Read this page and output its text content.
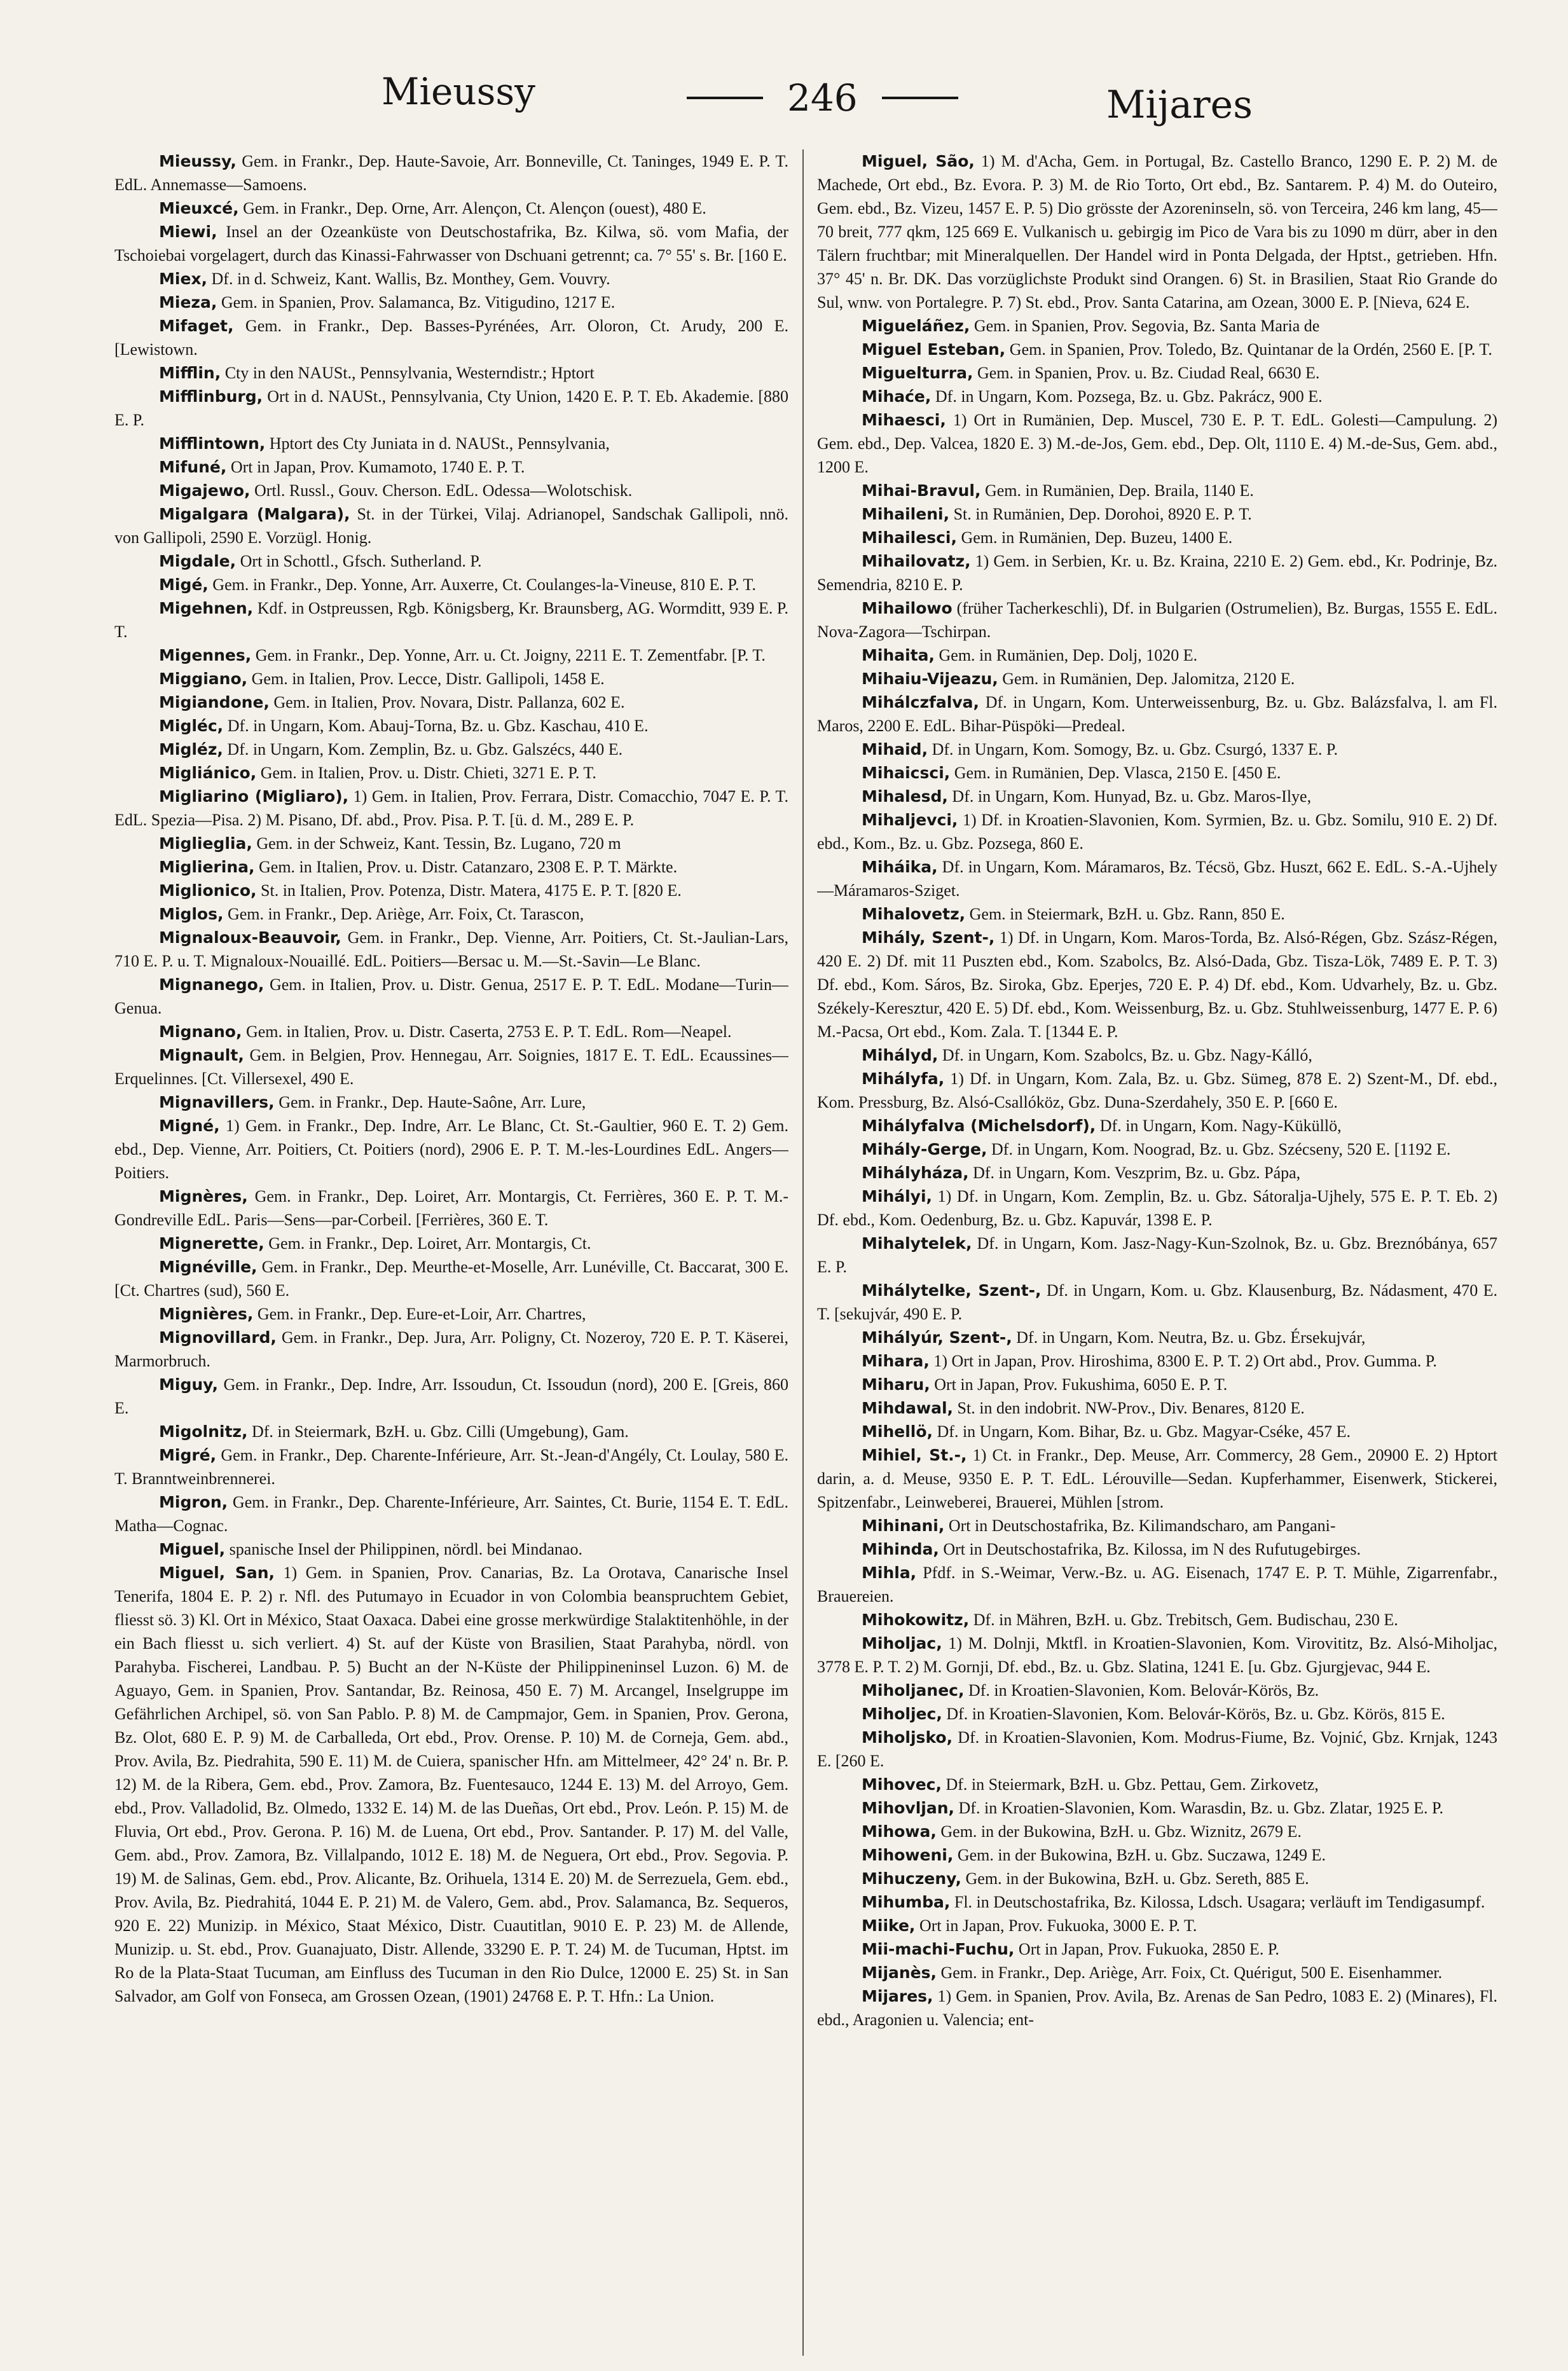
Mieussy	246	Mijares

Mieussy, Gem. in Frankr., Dep. Haute-Savoie, Arr. Bonneville, Ct. Taninges, 1949 E. P. T. EdL. Annemasse—Samoens.

Mieuxcé, Gem. in Frankr., Dep. Orne, Arr. Alençon, Ct. Alençon (ouest), 480 E.

Miewi, Insel an der Ozeanküste von Deutschostafrika, Bz. Kilwa, sö. vom Mafia, der Tschoiebai vorgelagert, durch das Kinassi-Fahrwasser von Dschuani getrennt; ca. 7° 55' s. Br. [160 E.

Miex, Df. in d. Schweiz, Kant. Wallis, Bz. Monthey, Gem. Vouvry.

Mieza, Gem. in Spanien, Prov. Salamanca, Bz. Vitigudino, 1217 E.

Mifaget, Gem. in Frankr., Dep. Basses-Pyrénées, Arr. Oloron, Ct. Arudy, 200 E. [Lewistown.

Mifflin, Cty in den NAUSt., Pennsylvania, Westerndistr.; Hptort

Mifflinburg, Ort in d. NAUSt., Pennsylvania, Cty Union, 1420 E. P. T. Eb. Akademie. [880 E. P.

Mifflintown, Hptort des Cty Juniata in d. NAUSt., Pennsylvania,

Mifuné, Ort in Japan, Prov. Kumamoto, 1740 E. P. T.

Migajewo, Ortl. Russl., Gouv. Cherson. EdL. Odessa—Wolotschisk.

Migalgara (Malgara), St. in der Türkei, Vilaj. Adrianopel, Sandschak Gallipoli, nnö. von Gallipoli, 2590 E. Vorzügl. Honig.

Migdale, Ort in Schottl., Gfsch. Sutherland. P.

Migé, Gem. in Frankr., Dep. Yonne, Arr. Auxerre, Ct. Coulanges-la-Vineuse, 810 E. P. T.

Migehnen, Kdf. in Ostpreussen, Rgb. Königsberg, Kr. Braunsberg, AG. Wormditt, 939 E. P. T.

Migennes, Gem. in Frankr., Dep. Yonne, Arr. u. Ct. Joigny, 2211 E. T. Zementfabr. [P. T.

Miggiano, Gem. in Italien, Prov. Lecce, Distr. Gallipoli, 1458 E.

Migiandone, Gem. in Italien, Prov. Novara, Distr. Pallanza, 602 E.

Migléc, Df. in Ungarn, Kom. Abauj-Torna, Bz. u. Gbz. Kaschau, 410 E.

Migléz, Df. in Ungarn, Kom. Zemplin, Bz. u. Gbz. Galszécs, 440 E.

Migliánico, Gem. in Italien, Prov. u. Distr. Chieti, 3271 E. P. T.

Migliarino (Migliaro), 1) Gem. in Italien, Prov. Ferrara, Distr. Comacchio, 7047 E. P. T. EdL. Spezia—Pisa. 2) M. Pisano, Df. abd., Prov. Pisa. P. T. [ü. d. M., 289 E. P.

Miglieglia, Gem. in der Schweiz, Kant. Tessin, Bz. Lugano, 720 m

Miglierina, Gem. in Italien, Prov. u. Distr. Catanzaro, 2308 E. P. T. Märkte.

Miglionico, St. in Italien, Prov. Potenza, Distr. Matera, 4175 E. P. T. [820 E.

Miglos, Gem. in Frankr., Dep. Ariège, Arr. Foix, Ct. Tarascon,

Mignaloux-Beauvoir, Gem. in Frankr., Dep. Vienne, Arr. Poitiers, Ct. St.-Jaulian-Lars, 710 E. P. u. T. Mignaloux-Nouaillé. EdL. Poitiers—Bersac u. M.—St.-Savin—Le Blanc.

Mignanego, Gem. in Italien, Prov. u. Distr. Genua, 2517 E. P. T. EdL. Modane—Turin—Genua.

Mignano, Gem. in Italien, Prov. u. Distr. Caserta, 2753 E. P. T. EdL. Rom—Neapel.

Mignault, Gem. in Belgien, Prov. Hennegau, Arr. Soignies, 1817 E. T. EdL. Ecaussines—Erquelinnes. [Ct. Villersexel, 490 E.

Mignavillers, Gem. in Frankr., Dep. Haute-Saône, Arr. Lure,

Migné, 1) Gem. in Frankr., Dep. Indre, Arr. Le Blanc, Ct. St.-Gaultier, 960 E. T. 2) Gem. ebd., Dep. Vienne, Arr. Poitiers, Ct. Poitiers (nord), 2906 E. P. T. M.-les-Lourdines EdL. Angers—Poitiers.

Mignères, Gem. in Frankr., Dep. Loiret, Arr. Montargis, Ct. Ferrières, 360 E. P. T. M.-Gondreville EdL. Paris—Sens—par-Corbeil. [Ferrières, 360 E. T.

Mignerette, Gem. in Frankr., Dep. Loiret, Arr. Montargis, Ct.

Mignéville, Gem. in Frankr., Dep. Meurthe-et-Moselle, Arr. Lunéville, Ct. Baccarat, 300 E. [Ct. Chartres (sud), 560 E.

Mignières, Gem. in Frankr., Dep. Eure-et-Loir, Arr. Chartres,

Mignovillard, Gem. in Frankr., Dep. Jura, Arr. Poligny, Ct. Nozeroy, 720 E. P. T. Käserei, Marmorbruch.

Miguy, Gem. in Frankr., Dep. Indre, Arr. Issoudun, Ct. Issoudun (nord), 200 E. [Greis, 860 E.

Migolnitz, Df. in Steiermark, BzH. u. Gbz. Cilli (Umgebung), Gam.

Migré, Gem. in Frankr., Dep. Charente-Inférieure, Arr. St.-Jean-d'Angély, Ct. Loulay, 580 E. T. Branntweinbrennerei.

Migron, Gem. in Frankr., Dep. Charente-Inférieure, Arr. Saintes, Ct. Burie, 1154 E. T. EdL. Matha—Cognac.

Miguel, spanische Insel der Philippinen, nördl. bei Mindanao.

Miguel, San, 1) Gem. in Spanien, Prov. Canarias, Bz. La Orotava, Canarische Insel Tenerifa, 1804 E. P. 2) r. Nfl. des Putumayo in Ecuador in von Colombia beanspruchtem Gebiet, fliesst sö. 3) Kl. Ort in México, Staat Oaxaca. Dabei eine grosse merkwürdige Stalaktitenhöhle, in der ein Bach fliesst u. sich verliert. 4) St. auf der Küste von Brasilien, Staat Parahyba, nördl. von Parahyba. Fischerei, Landbau. P. 5) Bucht an der N-Küste der Philippineninsel Luzon. 6) M. de Aguayo, Gem. in Spanien, Prov. Santandar, Bz. Reinosa, 450 E. 7) M. Arcangel, Inselgruppe im Gefährlichen Archipel, sö. von San Pablo. P. 8) M. de Campmajor, Gem. in Spanien, Prov. Gerona, Bz. Olot, 680 E. P. 9) M. de Carballeda, Ort ebd., Prov. Orense. P. 10) M. de Corneja, Gem. abd., Prov. Avila, Bz. Piedrahita, 590 E. 11) M. de Cuiera, spanischer Hfn. am Mittelmeer, 42° 24' n. Br. P. 12) M. de la Ribera, Gem. ebd., Prov. Zamora, Bz. Fuentesauco, 1244 E. 13) M. del Arroyo, Gem. ebd., Prov. Valladolid, Bz. Olmedo, 1332 E. 14) M. de las Dueñas, Ort ebd., Prov. León. P. 15) M. de Fluvia, Ort ebd., Prov. Gerona. P. 16) M. de Luena, Ort ebd., Prov. Santander. P. 17) M. del Valle, Gem. abd., Prov. Zamora, Bz. Villalpando, 1012 E. 18) M. de Neguera, Ort ebd., Prov. Segovia. P. 19) M. de Salinas, Gem. ebd., Prov. Alicante, Bz. Orihuela, 1314 E. 20) M. de Serrezuela, Gem. ebd., Prov. Avila, Bz. Piedrahitá, 1044 E. P. 21) M. de Valero, Gem. abd., Prov. Salamanca, Bz. Sequeros, 920 E. 22) Munizip. in México, Staat México, Distr. Cuautitlan, 9010 E. P. 23) M. de Allende, Munizip. u. St. ebd., Prov. Guanajuato, Distr. Allende, 33290 E. P. T. 24) M. de Tucuman, Hptst. im Ro de la Plata-Staat Tucuman, am Einfluss des Tucuman in den Rio Dulce, 12000 E. 25) St. in San Salvador, am Golf von Fonseca, am Grossen Ozean, (1901) 24768 E. P. T. Hfn.: La Union.

Miguel, São, 1) M. d'Acha, Gem. in Portugal, Bz. Castello Branco, 1290 E. P. 2) M. de Machede, Ort ebd., Bz. Evora. P. 3) M. de Rio Torto, Ort ebd., Bz. Santarem. P. 4) M. do Outeiro, Gem. ebd., Bz. Vizeu, 1457 E. P. 5) Dio grösste der Azoreninseln, sö. von Terceira, 246 km lang, 45—70 breit, 777 qkm, 125 669 E. Vulkanisch u. gebirgig im Pico de Vara bis zu 1090 m dürr, aber in den Tälern fruchtbar; mit Mineralquellen. Der Handel wird in Ponta Delgada, der Hptst., getrieben. Hfn. 37° 45' n. Br. DK. Das vorzüglichste Produkt sind Orangen. 6) St. in Brasilien, Staat Rio Grande do Sul, wnw. von Portalegre. P. 7) St. ebd., Prov. Santa Catarina, am Ozean, 3000 E. P. [Nieva, 624 E.

Migueláñez, Gem. in Spanien, Prov. Segovia, Bz. Santa Maria de

Miguel Esteban, Gem. in Spanien, Prov. Toledo, Bz. Quintanar de la Ordén, 2560 E. [P. T.

Miguelturra, Gem. in Spanien, Prov. u. Bz. Ciudad Real, 6630 E.

Mihaće, Df. in Ungarn, Kom. Pozsega, Bz. u. Gbz. Pakrácz, 900 E.

Mihaesci, 1) Ort in Rumänien, Dep. Muscel, 730 E. P. T. EdL. Golesti—Campulung. 2) Gem. ebd., Dep. Valcea, 1820 E. 3) M.-de-Jos, Gem. ebd., Dep. Olt, 1110 E. 4) M.-de-Sus, Gem. abd., 1200 E.

Mihai-Bravul, Gem. in Rumänien, Dep. Braila, 1140 E.

Mihaileni, St. in Rumänien, Dep. Dorohoi, 8920 E. P. T.

Mihailesci, Gem. in Rumänien, Dep. Buzeu, 1400 E.

Mihailovatz, 1) Gem. in Serbien, Kr. u. Bz. Kraina, 2210 E. 2) Gem. ebd., Kr. Podrinje, Bz. Semendria, 8210 E. P.

Mihailowo (früher Tacherkeschli), Df. in Bulgarien (Ostrumelien), Bz. Burgas, 1555 E. EdL. Nova-Zagora—Tschirpan.

Mihaita, Gem. in Rumänien, Dep. Dolj, 1020 E.

Mihaiu-Vijeazu, Gem. in Rumänien, Dep. Jalomitza, 2120 E.

Mihálczfalva, Df. in Ungarn, Kom. Unterweissenburg, Bz. u. Gbz. Balázsfalva, l. am Fl. Maros, 2200 E. EdL. Bihar-Püspöki—Predeal.

Mihaid, Df. in Ungarn, Kom. Somogy, Bz. u. Gbz. Csurgó, 1337 E. P.

Mihaicsci, Gem. in Rumänien, Dep. Vlasca, 2150 E. [450 E.

Mihalesd, Df. in Ungarn, Kom. Hunyad, Bz. u. Gbz. Maros-Ilye,

Mihaljevci, 1) Df. in Kroatien-Slavonien, Kom. Syrmien, Bz. u. Gbz. Somilu, 910 E. 2) Df. ebd., Kom., Bz. u. Gbz. Pozsega, 860 E.

Miháika, Df. in Ungarn, Kom. Máramaros, Bz. Técsö, Gbz. Huszt, 662 E. EdL. S.-A.-Ujhely—Máramaros-Sziget.

Mihalovetz, Gem. in Steiermark, BzH. u. Gbz. Rann, 850 E.

Mihály, Szent-, 1) Df. in Ungarn, Kom. Maros-Torda, Bz. Alsó-Régen, Gbz. Szász-Régen, 420 E. 2) Df. mit 11 Puszten ebd., Kom. Szabolcs, Bz. Alsó-Dada, Gbz. Tisza-Lök, 7489 E. P. T. 3) Df. ebd., Kom. Sáros, Bz. Siroka, Gbz. Eperjes, 720 E. P. 4) Df. ebd., Kom. Udvarhely, Bz. u. Gbz. Székely-Keresztur, 420 E. 5) Df. ebd., Kom. Weissenburg, Bz. u. Gbz. Stuhlweissenburg, 1477 E. P. 6) M.-Pacsa, Ort ebd., Kom. Zala. T. [1344 E. P.

Mihályd, Df. in Ungarn, Kom. Szabolcs, Bz. u. Gbz. Nagy-Kálló,

Mihályfa, 1) Df. in Ungarn, Kom. Zala, Bz. u. Gbz. Sümeg, 878 E. 2) Szent-M., Df. ebd., Kom. Pressburg, Bz. Alsó-Csallóköz, Gbz. Duna-Szerdahely, 350 E. P. [660 E.

Mihályfalva (Michelsdorf), Df. in Ungarn, Kom. Nagy-Küküllö,

Mihály-Gerge, Df. in Ungarn, Kom. Noograd, Bz. u. Gbz. Szécseny, 520 E. [1192 E.

Mihályháza, Df. in Ungarn, Kom. Veszprim, Bz. u. Gbz. Pápa,

Mihályi, 1) Df. in Ungarn, Kom. Zemplin, Bz. u. Gbz. Sátoralja-Ujhely, 575 E. P. T. Eb. 2) Df. ebd., Kom. Oedenburg, Bz. u. Gbz. Kapuvár, 1398 E. P.

Mihalytelek, Df. in Ungarn, Kom. Jasz-Nagy-Kun-Szolnok, Bz. u. Gbz. Breznóbánya, 657 E. P.

Mihálytelke, Szent-, Df. in Ungarn, Kom. u. Gbz. Klausenburg, Bz. Nádasment, 470 E. T. [sekujvár, 490 E. P.

Mihályúr, Szent-, Df. in Ungarn, Kom. Neutra, Bz. u. Gbz. Érsekujvár,

Mihara, 1) Ort in Japan, Prov. Hiroshima, 8300 E. P. T. 2) Ort abd., Prov. Gumma. P.

Miharu, Ort in Japan, Prov. Fukushima, 6050 E. P. T.

Mihdawal, St. in den indobrit. NW-Prov., Div. Benares, 8120 E.

Mihellö, Df. in Ungarn, Kom. Bihar, Bz. u. Gbz. Magyar-Cséke, 457 E.

Mihiel, St.-, 1) Ct. in Frankr., Dep. Meuse, Arr. Commercy, 28 Gem., 20900 E. 2) Hptort darin, a. d. Meuse, 9350 E. P. T. EdL. Lérouville—Sedan. Kupferhammer, Eisenwerk, Stickerei, Spitzenfabr., Leinweberei, Brauerei, Mühlen [strom.

Mihinani, Ort in Deutschostafrika, Bz. Kilimandscharo, am Pangani-

Mihinda, Ort in Deutschostafrika, Bz. Kilossa, im N des Rufutugebirges.

Mihla, Pfdf. in S.-Weimar, Verw.-Bz. u. AG. Eisenach, 1747 E. P. T. Mühle, Zigarrenfabr., Brauereien.

Mihokowitz, Df. in Mähren, BzH. u. Gbz. Trebitsch, Gem. Budischau, 230 E.

Miholjac, 1) M. Dolnji, Mktfl. in Kroatien-Slavonien, Kom. Virovititz, Bz. Alsó-Miholjac, 3778 E. P. T. 2) M. Gornji, Df. ebd., Bz. u. Gbz. Slatina, 1241 E. [u. Gbz. Gjurgjevac, 944 E.

Miholjanec, Df. in Kroatien-Slavonien, Kom. Belovár-Körös, Bz.

Miholjec, Df. in Kroatien-Slavonien, Kom. Belovár-Körös, Bz. u. Gbz. Körös, 815 E.

Miholjsko, Df. in Kroatien-Slavonien, Kom. Modrus-Fiume, Bz. Vojnić, Gbz. Krnjak, 1243 E. [260 E.

Mihovec, Df. in Steiermark, BzH. u. Gbz. Pettau, Gem. Zirkovetz,

Mihovljan, Df. in Kroatien-Slavonien, Kom. Warasdin, Bz. u. Gbz. Zlatar, 1925 E. P.

Mihowa, Gem. in der Bukowina, BzH. u. Gbz. Wiznitz, 2679 E.

Mihoweni, Gem. in der Bukowina, BzH. u. Gbz. Suczawa, 1249 E.

Mihuczeny, Gem. in der Bukowina, BzH. u. Gbz. Sereth, 885 E.

Mihumba, Fl. in Deutschostafrika, Bz. Kilossa, Ldsch. Usagara; verläuft im Tendigasumpf.

Miike, Ort in Japan, Prov. Fukuoka, 3000 E. P. T.

Mii-machi-Fuchu, Ort in Japan, Prov. Fukuoka, 2850 E. P.

Mijanès, Gem. in Frankr., Dep. Ariège, Arr. Foix, Ct. Quérigut, 500 E. Eisenhammer.

Mijares, 1) Gem. in Spanien, Prov. Avila, Bz. Arenas de San Pedro, 1083 E. 2) (Minares), Fl. ebd., Aragonien u. Valencia; ent-
